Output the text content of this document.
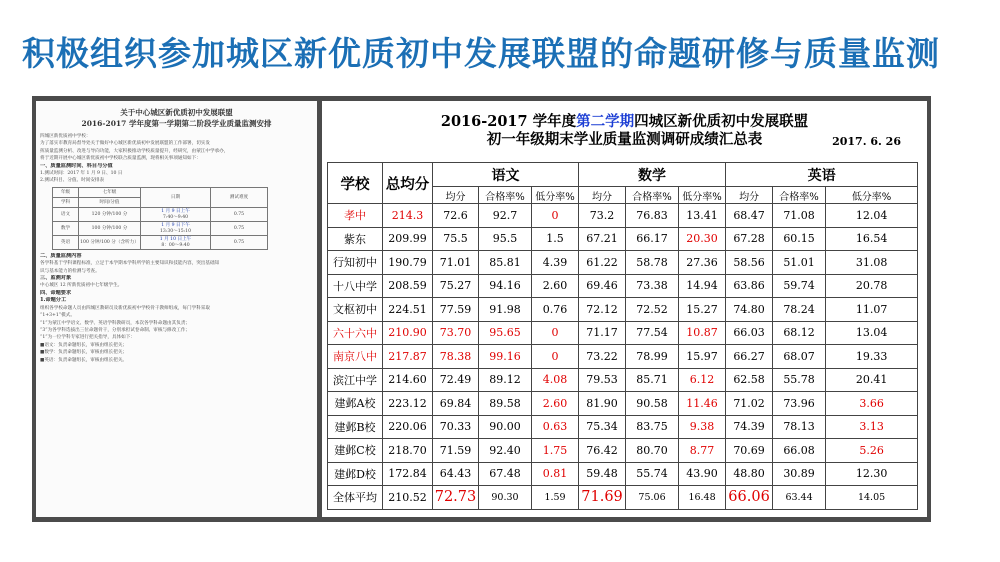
积极组织参加城区新优质初中发展联盟的命题研修与质量监测
关于中心城区新优质初中发展联盟
2016-2017 学年度第一学期第二阶段学业质量监测安排
四城区新优质初中学校：
为了落实市教育局督导处关于做好中心城区新优质初中发展联盟的工作部署，切实发
挥质量监测分析、改进与导向功能，大家积极推动学校质量提升，经研究，由蒙江中学承办，
将于近期开展中心城区新优质初中学校联合质量监测，现将相关事项通知如下：
一、质量监测时间、科目与分值
1.测试时间：2017 年 1 月 9 日、10 日
2.测试科目、分值、时间安排表
年级	七年级	日期	测试难度
学科	时间/分值		
语文	120 分钟/100 分	1 月 9 日上午
7:40～9:40	0.75
数学	100 分钟/100 分	1 月 9 日下午
13:30～15:10	0.75
英语	100 分钟/100 分（含听力）	1 月 10 日上午
8：00～9:40	0.75
二、质量监测内容
各学科基于学科课程标准，立足于本学期本学科所学的主要知识和技能内容，突出基础知
识与基本能力的检测与考查。
三、监测对象
中心城区 12 所新优质初中七年级学生。
四、命题要求
1.命题分工
组织各学校命题人员由四城区教研员及新优质初中学校骨干教师组成，每门学科采取
“1+3+1”模式。
“1”为蒙江中学语文、数学、英语学科教研员，本次各学科命题由其负责；
“3”为各学科选拔出三位命题骨干，分别承担试卷命制、审核与修改工作；
“1”为一位学科专家进行把关指导，具体如下：
■语文：负责命题组长，审核由组长把关；
■数学：负责命题组长，审核由组长把关；
■英语：负责命题组长，审核由组长把关。
2016-2017 学年度第二学期四城区新优质初中发展联盟
初一年级期末学业质量监测调研成绩汇总表	2017. 6. 26
学校	总均分	语文			数学			英语		
		均分	合格率%	低分率%	均分	合格率%	低分率%	均分	合格率%	低分率%
孝中	214.3	72.6	92.7	0	73.2	76.83	13.41	68.47	71.08	12.04
紫东	209.99	75.5	95.5	1.5	67.21	66.17	20.30	67.28	60.15	16.54
行知初中	190.79	71.01	85.81	4.39	61.22	58.78	27.36	58.56	51.01	31.08
十八中学	208.59	75.27	94.16	2.60	69.46	73.38	14.94	63.86	59.74	20.78
文枢初中	224.51	77.59	91.98	0.76	72.12	72.52	15.27	74.80	78.24	11.07
六十六中	210.90	73.70	95.65	0	71.17	77.54	10.87	66.03	68.12	13.04
南京八中	217.87	78.38	99.16	0	73.22	78.99	15.97	66.27	68.07	19.33
滨江中学	214.60	72.49	89.12	4.08	79.53	85.71	6.12	62.58	55.78	20.41
建邺A校	223.12	69.84	89.58	2.60	81.90	90.58	11.46	71.02	73.96	3.66
建邺B校	220.06	70.33	90.00	0.63	75.34	83.75	9.38	74.39	78.13	3.13
建邺C校	218.70	71.59	92.40	1.75	76.42	80.70	8.77	70.69	66.08	5.26
建邺D校	172.84	64.43	67.48	0.81	59.48	55.74	43.90	48.80	30.89	12.30
全体平均	210.52	72.73	90.30	1.59	71.69	75.06	16.48	66.06	63.44	14.05
